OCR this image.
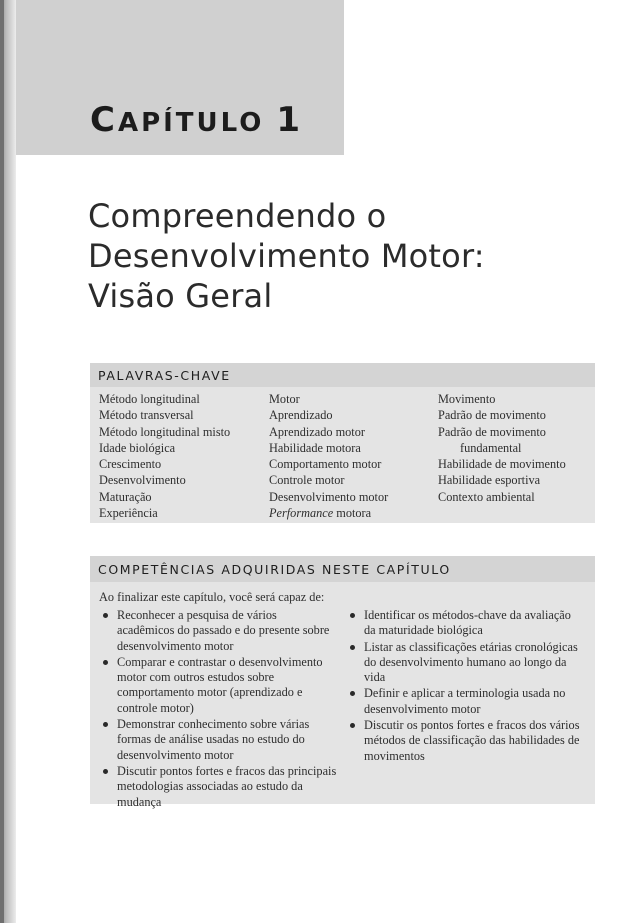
CAPÍTULO 1
Compreendendo o
Desenvolvimento Motor:
Visão Geral
PALAVRAS-CHAVE
Método longitudinal
Método transversal
Método longitudinal misto
Idade biológica
Crescimento
Desenvolvimento
Maturação
Experiência
Motor
Aprendizado
Aprendizado motor
Habilidade motora
Comportamento motor
Controle motor
Desenvolvimento motor
Performance motora
Movimento
Padrão de movimento
Padrão de movimento
fundamental
Habilidade de movimento
Habilidade esportiva
Contexto ambiental
COMPETÊNCIAS ADQUIRIDAS NESTE CAPÍTULO
Ao finalizar este capítulo, você será capaz de:
Reconhecer a pesquisa de vários
acadêmicos do passado e do presente sobre
desenvolvimento motor
Comparar e contrastar o desenvolvimento
motor com outros estudos sobre
comportamento motor (aprendizado e
controle motor)
Demonstrar conhecimento sobre várias
formas de análise usadas no estudo do
desenvolvimento motor
Discutir pontos fortes e fracos das principais
metodologias associadas ao estudo da
mudança
Identificar os métodos-chave da avaliação
da maturidade biológica
Listar as classificações etárias cronológicas
do desenvolvimento humano ao longo da
vida
Definir e aplicar a terminologia usada no
desenvolvimento motor
Discutir os pontos fortes e fracos dos vários
métodos de classificação das habilidades de
movimentos
